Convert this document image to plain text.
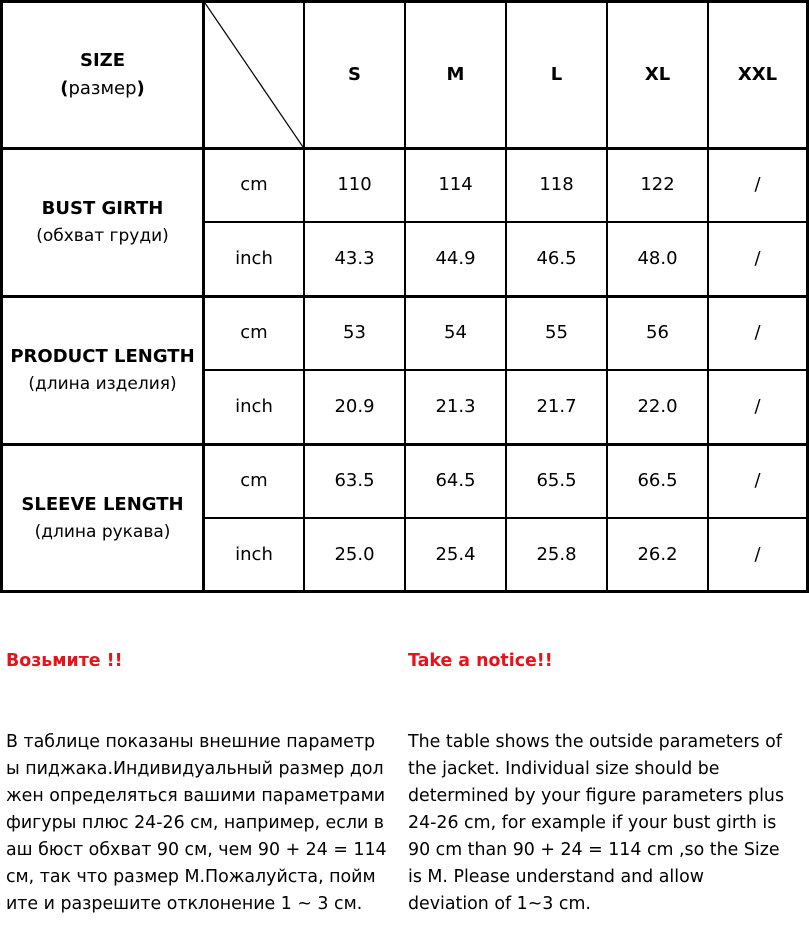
SIZE
(размер)
S	M	L	XL	XXL
BUST GIRTH
(обхват груди)
cm	110	114	118	122	/
inch	43.3	44.9	46.5	48.0	/
PRODUCT LENGTH
(длина изделия)
cm	53	54	55	56	/
inch	20.9	21.3	21.7	22.0	/
SLEEVE LENGTH
(длина рукава)
cm	63.5	64.5	65.5	66.5	/
inch	25.0	25.4	25.8	26.2	/

Возьмите !!

В таблице показаны внешние параметр
ы пиджака.Индивидуальный размер дол
жен определяться вашими параметрами
фигуры плюс 24-26 см, например, если в
аш бюст обхват 90 см, чем 90 + 24 = 114
см, так что размер М.Пожалуйста, пойм
ите и разрешите отклонение 1 ~ 3 см.

Take a notice!!

The table shows the outside parameters of
the jacket. Individual size should be
determined by your figure parameters plus
24-26 cm, for example if your bust girth is
90 cm than 90 + 24 = 114 cm ,so the Size
is M. Please understand and allow
deviation of 1~3 cm.
